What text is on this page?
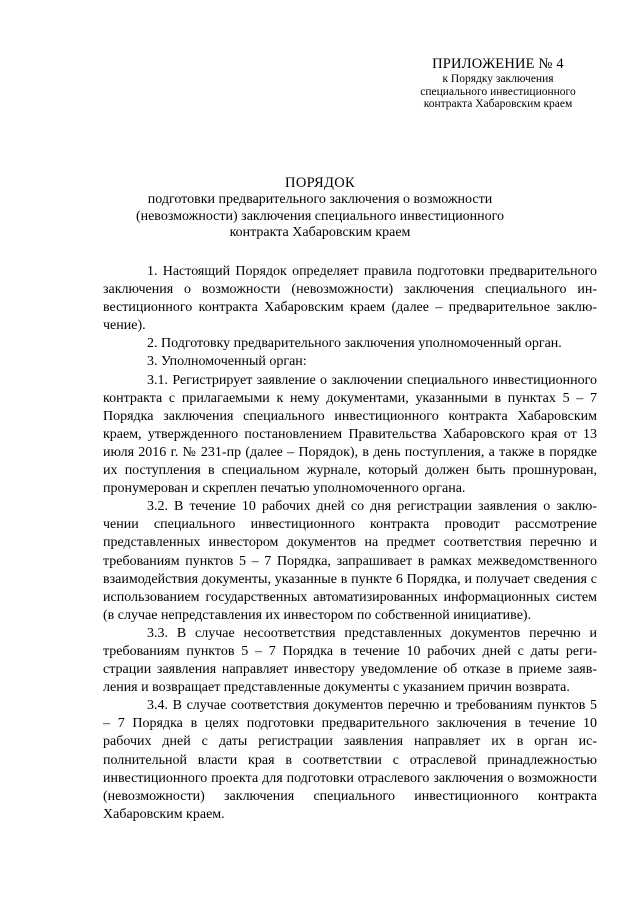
ПРИЛОЖЕНИЕ № 4
к Порядку заключения
специального инвестиционного
контракта Хабаровским краем
ПОРЯДОК
подготовки предварительного заключения о возможности
(невозможности) заключения специального инвестиционного
контракта Хабаровским краем

1. Настоящий Порядок определяет правила подготовки предварительного заключения о возможности (невозможности) заключения специального инвестиционного контракта Хабаровским краем (далее – предварительное заключение).

2. Подготовку предварительного заключения уполномоченный орган.

3. Уполномоченный орган:

3.1. Регистрирует заявление о заключении специального инвестиционного контракта с прилагаемыми к нему документами, указанными в пунктах 5 – 7 Порядка заключения специального инвестиционного контракта Хабаровским краем, утвержденного постановлением Правительства Хабаровского края от 13 июля 2016 г. № 231-пр (далее – Порядок), в день поступления, а также в порядке их поступления в специальном журнале, который должен быть прошнурован, пронумерован и скреплен печатью уполномоченного органа.

3.2. В течение 10 рабочих дней со дня регистрации заявления о заключении специального инвестиционного контракта проводит рассмотрение представленных инвестором документов на предмет соответствия перечню и требованиям пунктов 5 – 7 Порядка, запрашивает в рамках межведомственного взаимодействия документы, указанные в пункте 6 Порядка, и получает сведения с использованием государственных автоматизированных информационных систем (в случае непредставления их инвестором по собственной инициативе).

3.3. В случае несоответствия представленных документов перечню и требованиям пунктов 5 – 7 Порядка в течение 10 рабочих дней с даты регистрации заявления направляет инвестору уведомление об отказе в приеме заявления и возвращает представленные документы с указанием причин возврата.

3.4. В случае соответствия документов перечню и требованиям пунктов 5 – 7 Порядка в целях подготовки предварительного заключения в течение 10 рабочих дней с даты регистрации заявления направляет их в орган исполнительной власти края в соответствии с отраслевой принадлежностью инвестиционного проекта для подготовки отраслевого заключения о возможности (невозможности) заключения специального инвестиционного контракта Хабаровским краем.
